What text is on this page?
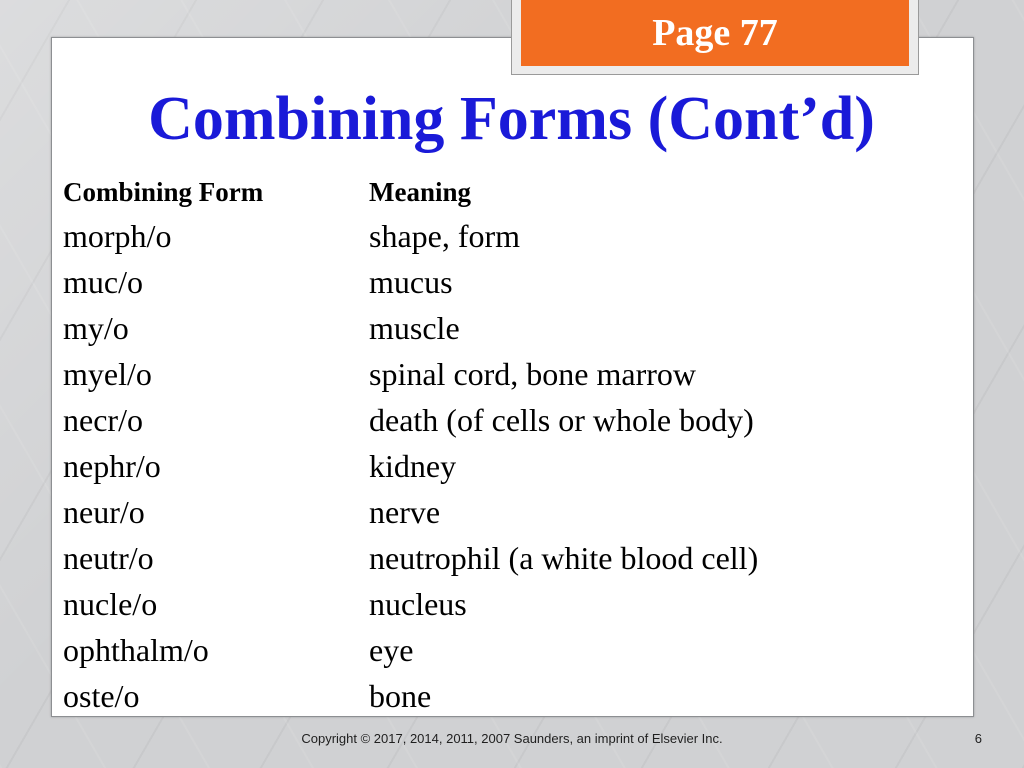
Page 77
Combining Forms (Cont’d)
Combining Form	Meaning
morph/o	shape, form
muc/o	mucus
my/o	muscle
myel/o	spinal cord, bone marrow
necr/o	death (of cells or whole body)
nephr/o	kidney
neur/o	nerve
neutr/o	neutrophil (a white blood cell)
nucle/o	nucleus
ophthalm/o	eye
oste/o	bone
Copyright © 2017, 2014, 2011, 2007 Saunders, an imprint of Elsevier Inc.	6
